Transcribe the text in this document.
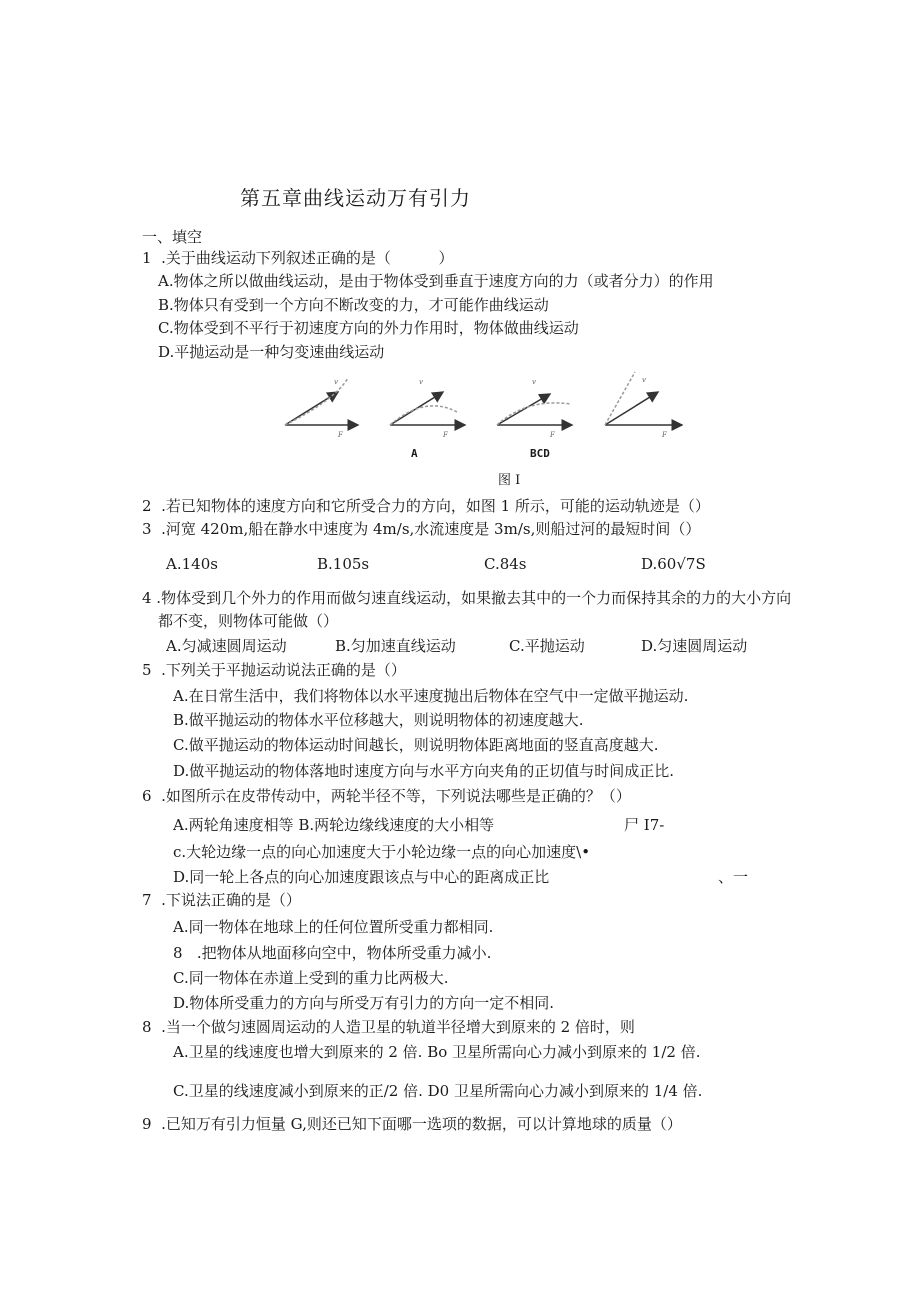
第五章曲线运动万有引力
一、填空
1  .关于曲线运动下列叙述正确的是（          ）
A.物体之所以做曲线运动，是由于物体受到垂直于速度方向的力（或者分力）的作用
B.物体只有受到一个方向不断改变的力，才可能作曲线运动
C.物体受到不平行于初速度方向的外力作用时，物体做曲线运动
D.平抛运动是一种匀变速曲线运动
v
F
v
F
v
F
v
F
A	BCD
图 I
2  .若已知物体的速度方向和它所受合力的方向，如图 1 所示，可能的运动轨迹是（）
3  .河宽 420m,船在静水中速度为 4m/s,水流速度是 3m/s,则船过河的最短时间（）
A.140s	B.105s	C.84s	D.60√7S
4 .物体受到几个外力的作用而做匀速直线运动，如果撤去其中的一个力而保持其余的力的大小方向
都不变，则物体可能做（）
A.匀减速圆周运动	B.匀加速直线运动	C.平抛运动	D.匀速圆周运动
5  .下列关于平抛运动说法正确的是（）
A.在日常生活中，我们将物体以水平速度抛出后物体在空气中一定做平抛运动.
B.做平抛运动的物体水平位移越大，则说明物体的初速度越大.
C.做平抛运动的物体运动时间越长，则说明物体距离地面的竖直高度越大.
D.做平抛运动的物体落地时速度方向与水平方向夹角的正切值与时间成正比.
6  .如图所示在皮带传动中，两轮半径不等，下列说法哪些是正确的？（）
A.两轮角速度相等 B.两轮边缘线速度的大小相等	尸 I7-
c.大轮边缘一点的向心加速度大于小轮边缘一点的向心加速度\•
D.同一轮上各点的向心加速度跟该点与中心的距离成正比	、一
7  .下说法正确的是（）
A.同一物体在地球上的任何位置所受重力都相同.
8   .把物体从地面移向空中，物体所受重力减小.
C.同一物体在赤道上受到的重力比两极大.
D.物体所受重力的方向与所受万有引力的方向一定不相同.
8  .当一个做匀速圆周运动的人造卫星的轨道半径增大到原来的 2 倍时，则
A.卫星的线速度也增大到原来的 2 倍. Bo 卫星所需向心力减小到原来的 1/2 倍.
C.卫星的线速度减小到原来的正/2 倍. D0 卫星所需向心力减小到原来的 1/4 倍.
9  .已知万有引力恒量 G,则还已知下面哪一选项的数据，可以计算地球的质量（）
